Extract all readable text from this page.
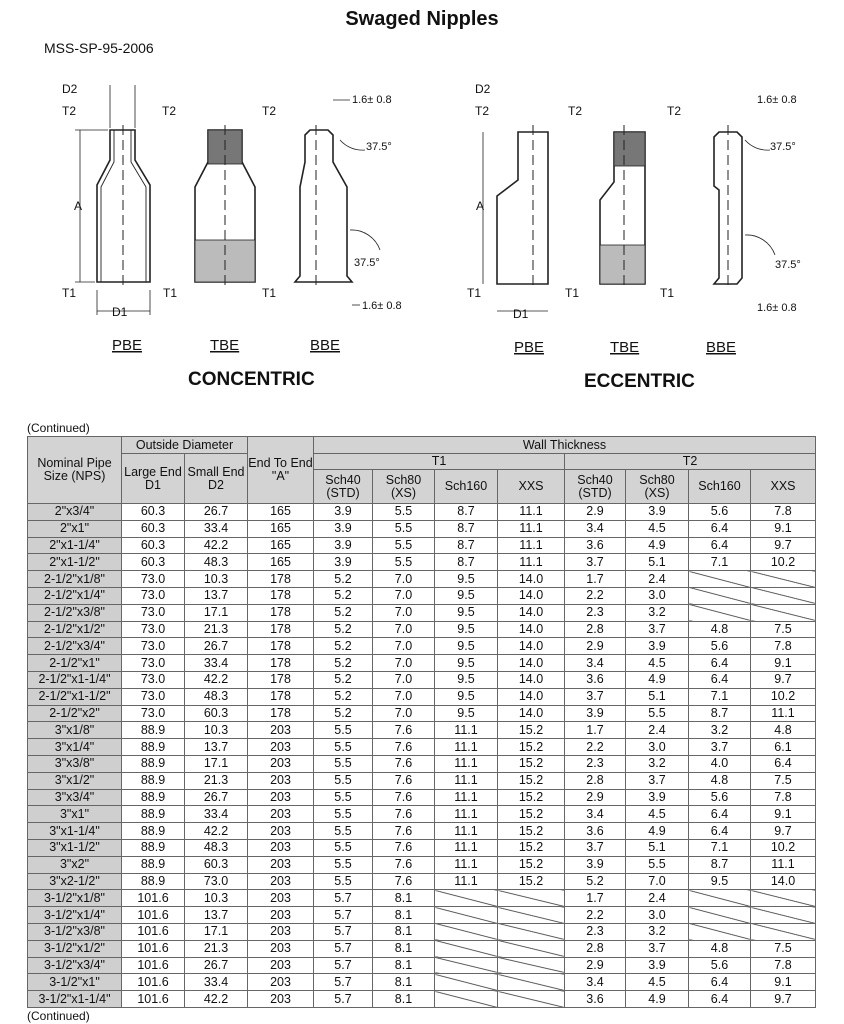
Swaged Nipples
MSS-SP-95-2006
D2
T2
A
T1
D1
T2
T1
T2
T1
1.6± 0.8
37.5°
37.5°
1.6± 0.8
PBE	TBE	BBE
CONCENTRIC
D2
T2
A
T1
D1
T2
T1
T2
T1
1.6± 0.8
37.5°
37.5°
1.6± 0.8
PBE	TBE	BBE
ECCENTRIC
(Continued)
Nominal Pipe Size (NPS)	Outside Diameter		End To End "A"	Wall Thickness							
	Large End D1	Small End D2		T1				T2			
				Sch40 (STD)	Sch80 (XS)	Sch160	XXS	Sch40 (STD)	Sch80 (XS)	Sch160	XXS
2"x3/4"	60.3	26.7	165	3.9	5.5	8.7	11.1	2.9	3.9	5.6	7.8
2"x1"	60.3	33.4	165	3.9	5.5	8.7	11.1	3.4	4.5	6.4	9.1
2"x1-1/4"	60.3	42.2	165	3.9	5.5	8.7	11.1	3.6	4.9	6.4	9.7
2"x1-1/2"	60.3	48.3	165	3.9	5.5	8.7	11.1	3.7	5.1	7.1	10.2
2-1/2"x1/8"	73.0	10.3	178	5.2	7.0	9.5	14.0	1.7	2.4		
2-1/2"x1/4"	73.0	13.7	178	5.2	7.0	9.5	14.0	2.2	3.0		
2-1/2"x3/8"	73.0	17.1	178	5.2	7.0	9.5	14.0	2.3	3.2		
2-1/2"x1/2"	73.0	21.3	178	5.2	7.0	9.5	14.0	2.8	3.7	4.8	7.5
2-1/2"x3/4"	73.0	26.7	178	5.2	7.0	9.5	14.0	2.9	3.9	5.6	7.8
2-1/2"x1"	73.0	33.4	178	5.2	7.0	9.5	14.0	3.4	4.5	6.4	9.1
2-1/2"x1-1/4"	73.0	42.2	178	5.2	7.0	9.5	14.0	3.6	4.9	6.4	9.7
2-1/2"x1-1/2"	73.0	48.3	178	5.2	7.0	9.5	14.0	3.7	5.1	7.1	10.2
2-1/2"x2"	73.0	60.3	178	5.2	7.0	9.5	14.0	3.9	5.5	8.7	11.1
3"x1/8"	88.9	10.3	203	5.5	7.6	11.1	15.2	1.7	2.4	3.2	4.8
3"x1/4"	88.9	13.7	203	5.5	7.6	11.1	15.2	2.2	3.0	3.7	6.1
3"x3/8"	88.9	17.1	203	5.5	7.6	11.1	15.2	2.3	3.2	4.0	6.4
3"x1/2"	88.9	21.3	203	5.5	7.6	11.1	15.2	2.8	3.7	4.8	7.5
3"x3/4"	88.9	26.7	203	5.5	7.6	11.1	15.2	2.9	3.9	5.6	7.8
3"x1"	88.9	33.4	203	5.5	7.6	11.1	15.2	3.4	4.5	6.4	9.1
3"x1-1/4"	88.9	42.2	203	5.5	7.6	11.1	15.2	3.6	4.9	6.4	9.7
3"x1-1/2"	88.9	48.3	203	5.5	7.6	11.1	15.2	3.7	5.1	7.1	10.2
3"x2"	88.9	60.3	203	5.5	7.6	11.1	15.2	3.9	5.5	8.7	11.1
3"x2-1/2"	88.9	73.0	203	5.5	7.6	11.1	15.2	5.2	7.0	9.5	14.0
3-1/2"x1/8"	101.6	10.3	203	5.7	8.1			1.7	2.4		
3-1/2"x1/4"	101.6	13.7	203	5.7	8.1			2.2	3.0		
3-1/2"x3/8"	101.6	17.1	203	5.7	8.1			2.3	3.2		
3-1/2"x1/2"	101.6	21.3	203	5.7	8.1			2.8	3.7	4.8	7.5
3-1/2"x3/4"	101.6	26.7	203	5.7	8.1			2.9	3.9	5.6	7.8
3-1/2"x1"	101.6	33.4	203	5.7	8.1			3.4	4.5	6.4	9.1
3-1/2"x1-1/4"	101.6	42.2	203	5.7	8.1			3.6	4.9	6.4	9.7
(Continued)
